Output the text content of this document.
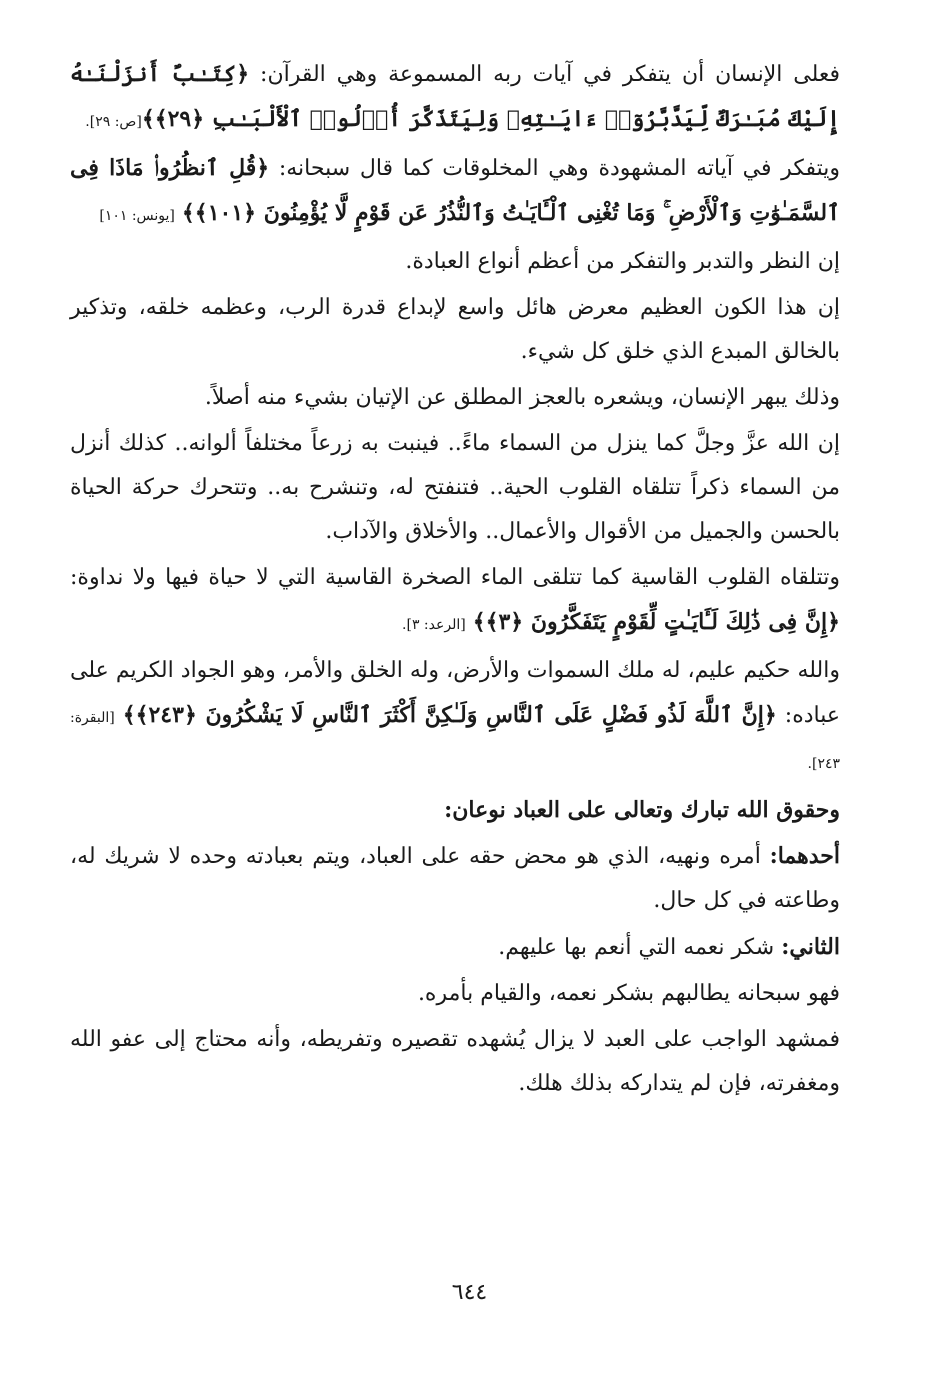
فعلى الإنسان أن يتفكر في آيات ربه المسموعة وهي القرآن: ﴿كِتَـٰبٌ أَنزَلْنَـٰهُ إِلَيْكَ مُبَـٰرَكٌ لِّيَدَّبَّرُوٓا۟ ءَايَـٰتِهِۦ وَلِيَتَذَكَّرَ أُو۟لُوا۟ ٱلْأَلْبَـٰبِ ﴿٢٩﴾﴾[ص: ٢٩].

ويتفكر في آياته المشهودة وهي المخلوقات كما قال سبحانه: ﴿قُلِ ٱنظُرُوا۟ مَاذَا فِى ٱلسَّمَـٰوَٰتِ وَٱلْأَرْضِ ۚ وَمَا تُغْنِى ٱلْـَٔايَـٰتُ وَٱلنُّذُرُ عَن قَوْمٍ لَّا يُؤْمِنُونَ ﴿١٠١﴾﴾ [يونس: ١٠١]

إن النظر والتدبر والتفكر من أعظم أنواع العبادة.

إن هذا الكون العظيم معرض هائل واسع لإبداع قدرة الرب، وعظمه خلقه، وتذكير بالخالق المبدع الذي خلق كل شيء.

وذلك يبهر الإنسان، ويشعره بالعجز المطلق عن الإتيان بشيء منه أصلاً.

إن الله عزَّ وجلَّ كما ينزل من السماء ماءً.. فينبت به زرعاً مختلفاً ألوانه.. كذلك أنزل من السماء ذكراً تتلقاه القلوب الحية.. فتنفتح له، وتنشرح به.. وتتحرك حركة الحياة بالحسن والجميل من الأقوال والأعمال.. والأخلاق والآداب.

وتتلقاه القلوب القاسية كما تتلقى الماء الصخرة القاسية التي لا حياة فيها ولا نداوة: ﴿إِنَّ فِى ذَٰلِكَ لَـَٔايَـٰتٍ لِّقَوْمٍ يَتَفَكَّرُونَ ﴿٣﴾﴾ [الرعد: ٣].

والله حكيم عليم، له ملك السموات والأرض، وله الخلق والأمر، وهو الجواد الكريم على عباده: ﴿إِنَّ ٱللَّهَ لَذُو فَضْلٍ عَلَى ٱلنَّاسِ وَلَـٰكِنَّ أَكْثَرَ ٱلنَّاسِ لَا يَشْكُرُونَ ﴿٢٤٣﴾﴾ [البقرة: ٢٤٣].

وحقوق الله تبارك وتعالى على العباد نوعان:

أحدهما: أمره ونهيه، الذي هو محض حقه على العباد، ويتم بعبادته وحده لا شريك له، وطاعته في كل حال.

الثاني: شكر نعمه التي أنعم بها عليهم.

فهو سبحانه يطالبهم بشكر نعمه، والقيام بأمره.

فمشهد الواجب على العبد لا يزال يُشهده تقصيره وتفريطه، وأنه محتاج إلى عفو الله ومغفرته، فإن لم يتداركه بذلك هلك.

٦٤٤
